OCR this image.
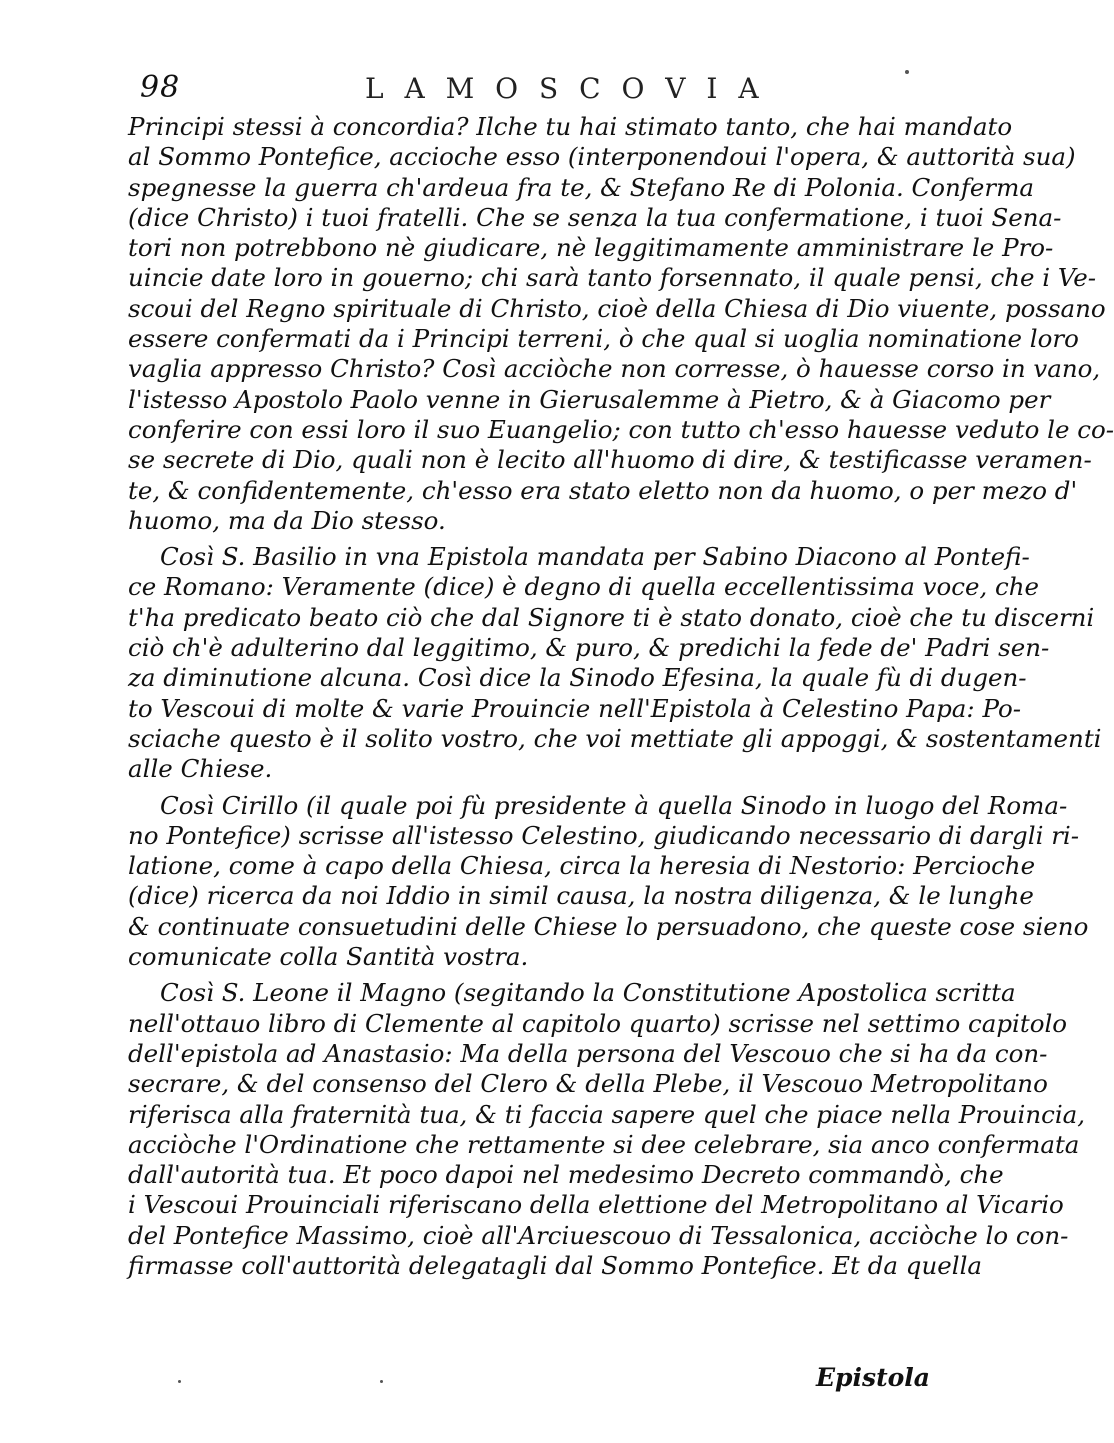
98	L A M O S C O V I A
Principi stessi à concordia? Ilche tu hai stimato tanto, che hai mandato
al Sommo Pontefice, accioche esso (interponendoui l'opera, & auttorità sua)
spegnesse la guerra ch'ardeua fra te, & Stefano Re di Polonia. Conferma
(dice Christo) i tuoi fratelli. Che se senza la tua confermatione, i tuoi Sena-
tori non potrebbono nè giudicare, nè leggitimamente amministrare le Pro-
uincie date loro in gouerno; chi sarà tanto forsennato, il quale pensi, che i Ve-
scoui del Regno spirituale di Christo, cioè della Chiesa di Dio viuente, possano
essere confermati da i Principi terreni, ò che qual si uoglia nominatione loro
vaglia appresso Christo? Così acciòche non corresse, ò hauesse corso in vano,
l'istesso Apostolo Paolo venne in Gierusalemme à Pietro, & à Giacomo per
conferire con essi loro il suo Euangelio; con tutto ch'esso hauesse veduto le co-
se secrete di Dio, quali non è lecito all'huomo di dire, & testificasse veramen-
te, & confidentemente, ch'esso era stato eletto non da huomo, o per mezo d'
huomo, ma da Dio stesso.
Così S. Basilio in vna Epistola mandata per Sabino Diacono al Pontefi-
ce Romano: Veramente (dice) è degno di quella eccellentissima voce, che
t'ha predicato beato ciò che dal Signore ti è stato donato, cioè che tu discerni
ciò ch'è adulterino dal leggitimo, & puro, & predichi la fede de' Padri sen-
za diminutione alcuna. Così dice la Sinodo Efesina, la quale fù di dugen-
to Vescoui di molte & varie Prouincie nell'Epistola à Celestino Papa: Po-
sciache questo è il solito vostro, che voi mettiate gli appoggi, & sostentamenti
alle Chiese.
Così Cirillo (il quale poi fù presidente à quella Sinodo in luogo del Roma-
no Pontefice) scrisse all'istesso Celestino, giudicando necessario di dargli ri-
latione, come à capo della Chiesa, circa la heresia di Nestorio: Percioche
(dice) ricerca da noi Iddio in simil causa, la nostra diligenza, & le lunghe
& continuate consuetudini delle Chiese lo persuadono, che queste cose sieno
comunicate colla Santità vostra.
Così S. Leone il Magno (segitando la Constitutione Apostolica scritta
nell'ottauo libro di Clemente al capitolo quarto) scrisse nel settimo capitolo
dell'epistola ad Anastasio: Ma della persona del Vescouo che si ha da con-
secrare, & del consenso del Clero & della Plebe, il Vescouo Metropolitano
riferisca alla fraternità tua, & ti faccia sapere quel che piace nella Prouincia,
acciòche l'Ordinatione che rettamente si dee celebrare, sia anco confermata
dall'autorità tua. Et poco dapoi nel medesimo Decreto commandò, che
i Vescoui Prouinciali riferiscano della elettione del Metropolitano al Vicario
del Pontefice Massimo, cioè all'Arciuescouo di Tessalonica, acciòche lo con-
firmasse coll'auttorità delegatagli dal Sommo Pontefice. Et da quella
Epistola
